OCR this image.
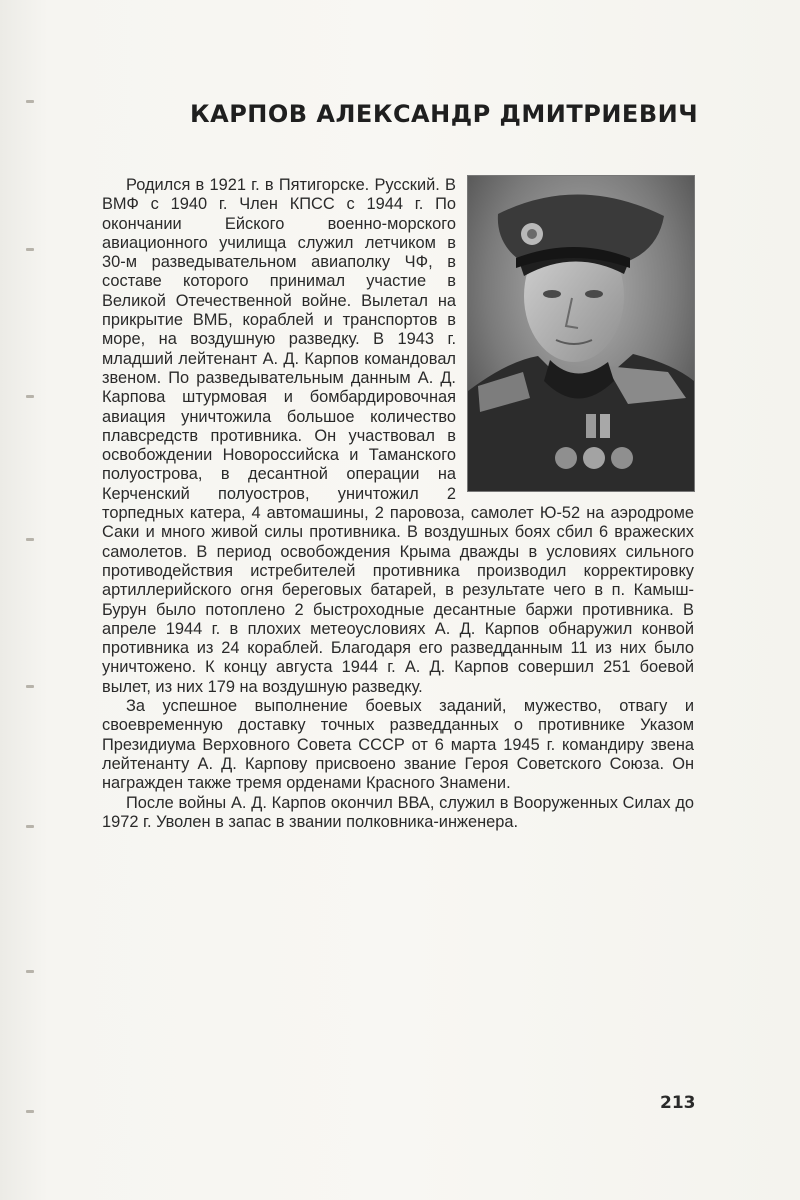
КАРПОВ АЛЕКСАНДР ДМИТРИЕВИЧ

Родился в 1921 г. в Пятигорске. Русский. В ВМФ с 1940 г. Член КПСС с 1944 г. По окончании Ейского военно-морского авиационного училища служил летчиком в 30-м разведывательном авиаполку ЧФ, в составе которого принимал участие в Великой Отечественной войне. Вылетал на прикрытие ВМБ, кораблей и транспортов в море, на воздушную разведку. В 1943 г. младший лейтенант А. Д. Карпов командовал звеном. По разведывательным данным А. Д. Карпова штурмовая и бомбардировочная авиация уничтожила большое количество плавсредств противника. Он участвовал в освобождении Новороссийска и Таманского полуострова, в десантной операции на Керченский полуостров, уничтожил 2 торпедных катера, 4 автомашины, 2 паровоза, самолет Ю-52 на аэродроме Саки и много живой силы противника. В воздушных боях сбил 6 вражеских самолетов. В период освобождения Крыма дважды в условиях сильного противодействия истребителей противника производил корректировку артиллерийского огня береговых батарей, в результате чего в п. Камыш-Бурун было потоплено 2 быстроходные десантные баржи противника. В апреле 1944 г. в плохих метеоусловиях А. Д. Карпов обнаружил конвой противника из 24 кораблей. Благодаря его разведданным 11 из них было уничтожено. К концу августа 1944 г. А. Д. Карпов совершил 251 боевой вылет, из них 179 на воздушную разведку.

За успешное выполнение боевых заданий, мужество, отвагу и своевременную доставку точных разведданных о противнике Указом Президиума Верховного Совета СССР от 6 марта 1945 г. командиру звена лейтенанту А. Д. Карпову присвоено звание Героя Советского Союза. Он награжден также тремя орденами Красного Знамени.

После войны А. Д. Карпов окончил ВВА, служил в Вооруженных Силах до 1972 г. Уволен в запас в звании полковника-инженера.

213
